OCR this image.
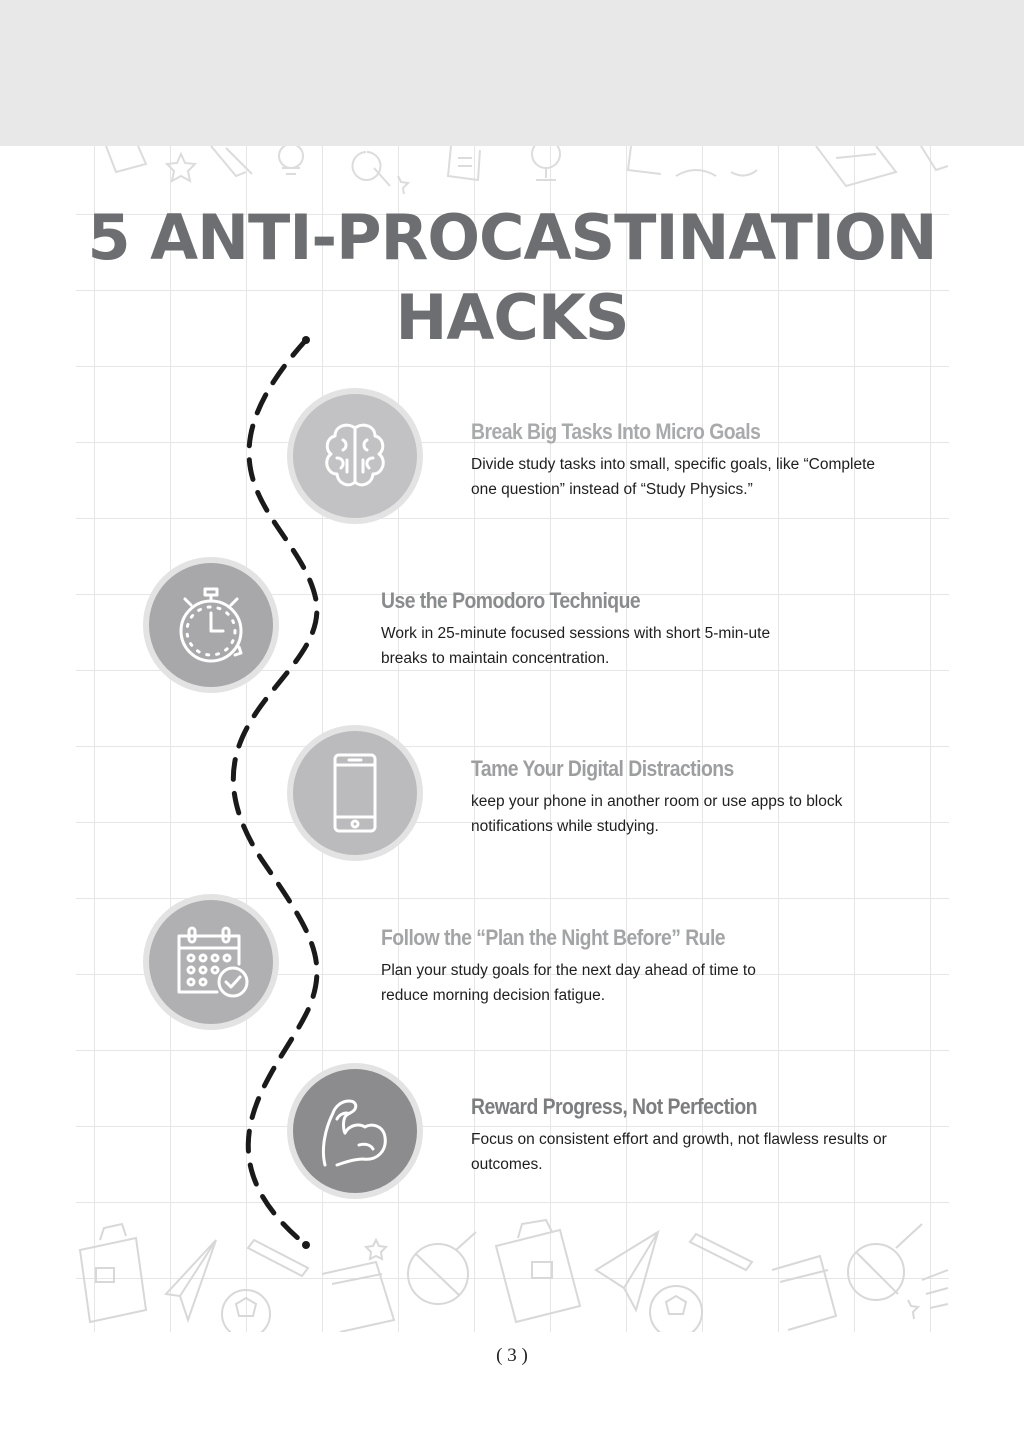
5 ANTI-PROCASTINATION
HACKS

Break Big Tasks Into Micro Goals

Divide study tasks into small, specific goals, like “Complete one question” instead of “Study Physics.”

Use the Pomodoro Technique

Work in 25-minute focused sessions with short 5-min-ute breaks to maintain concentration.

Tame Your Digital Distractions

keep your phone in another room or use apps to block notifications while studying.

Follow the “Plan the Night Before” Rule

Plan your study goals for the next day ahead of time to reduce morning decision fatigue.

Reward Progress, Not Perfection

Focus on consistent effort and growth, not flawless results or outcomes.

( 3 )
